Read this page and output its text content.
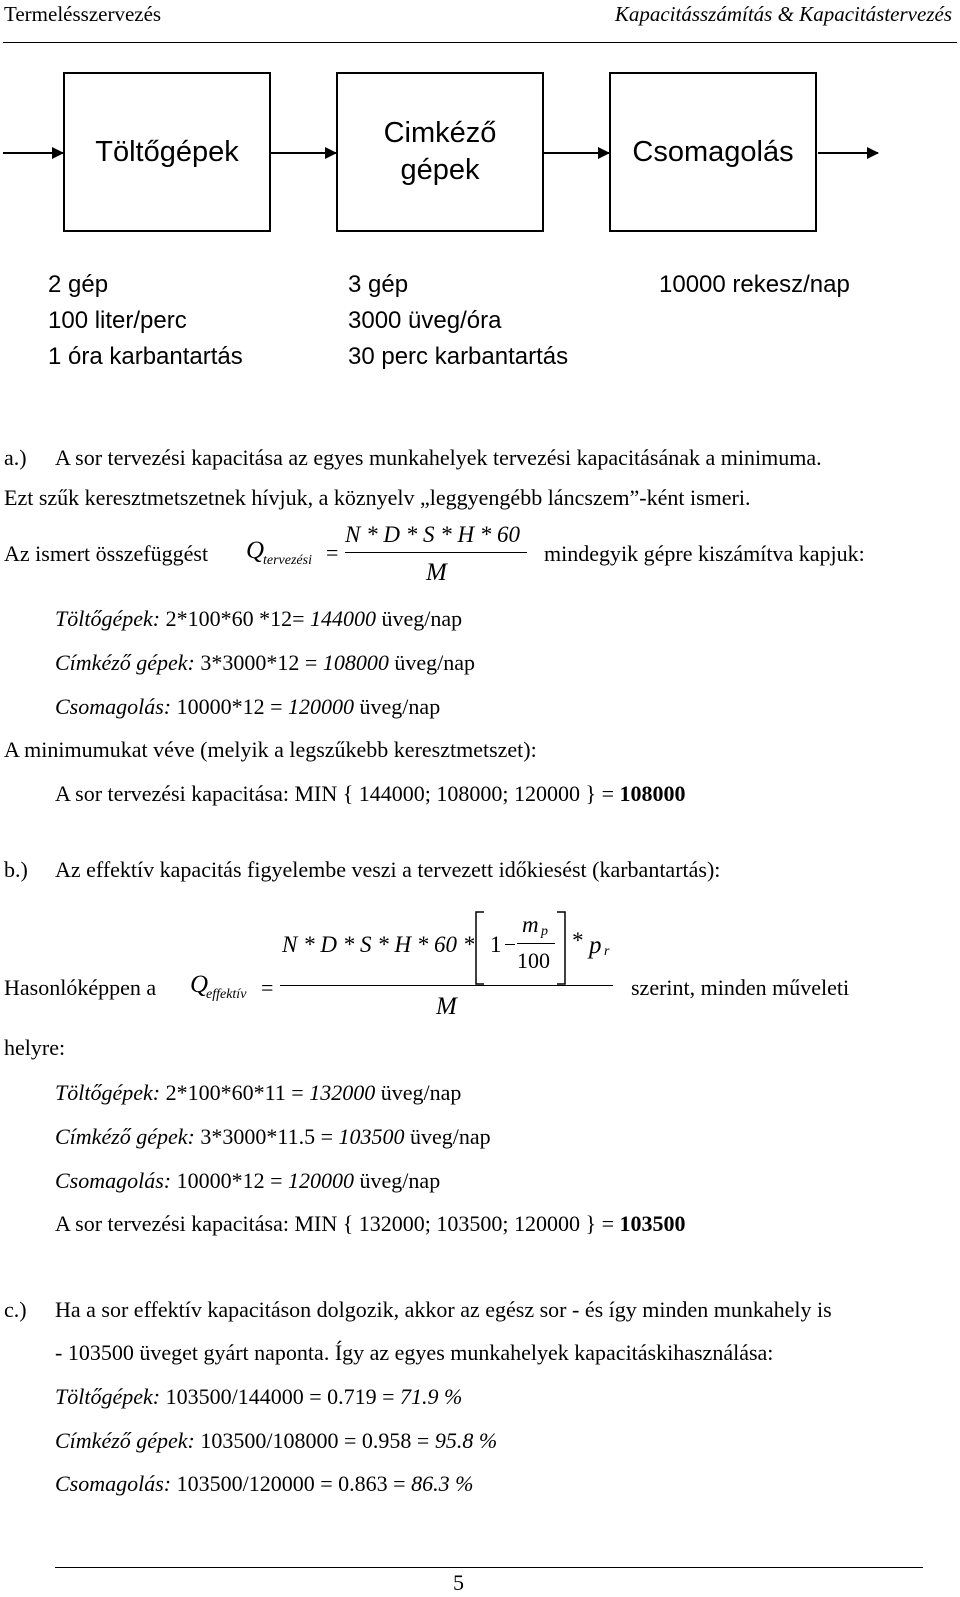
Termelésszervezés	Kapacitásszámítás & Kapacitástervezés
Töltőgépek
Cimkéző
gépek
Csomagolás
2 gép
100 liter/perc
1 óra karbantartás
3 gép
3000 üveg/óra
30 perc karbantartás
10000 rekesz/nap
a.) A sor tervezési kapacitása az egyes munkahelyek tervezési kapacitásának a minimuma.
Ezt szűk keresztmetszetnek hívjuk, a köznyelv „leggyengébb láncszem”-ként ismeri.
Az ismert összefüggést Q
tervezési =
N * D * S * H * 60
M
mindegyik gépre kiszámítva kapjuk:
Töltőgépek: 2*100*60 *12= 144000 üveg/nap
Címkéző gépek: 3*3000*12 = 108000 üveg/nap
Csomagolás: 10000*12 = 120000 üveg/nap
A minimumukat véve (melyik a legszűkebb keresztmetszet):
A sor tervezési kapacitása: MIN { 144000; 108000; 120000 } = 108000
b.) Az effektív kapacitás figyelembe veszi a tervezett időkiesést (karbantartás):
Hasonlóképpen a Q
effektív =
N * D * S * H * 60 * 1
m p
100
* p r
M
szerint, minden műveleti
helyre:
Töltőgépek: 2*100*60*11 = 132000 üveg/nap
Címkéző gépek: 3*3000*11.5 = 103500 üveg/nap
Csomagolás: 10000*12 = 120000 üveg/nap
A sor tervezési kapacitása: MIN { 132000; 103500; 120000 } = 103500
c.) Ha a sor effektív kapacitáson dolgozik, akkor az egész sor - és így minden munkahely is
- 103500 üveget gyárt naponta. Így az egyes munkahelyek kapacitáskihasználása:
Töltőgépek: 103500/144000 = 0.719 = 71.9 %
Címkéző gépek: 103500/108000 = 0.958 = 95.8 %
Csomagolás: 103500/120000 = 0.863 = 86.3 %
5
